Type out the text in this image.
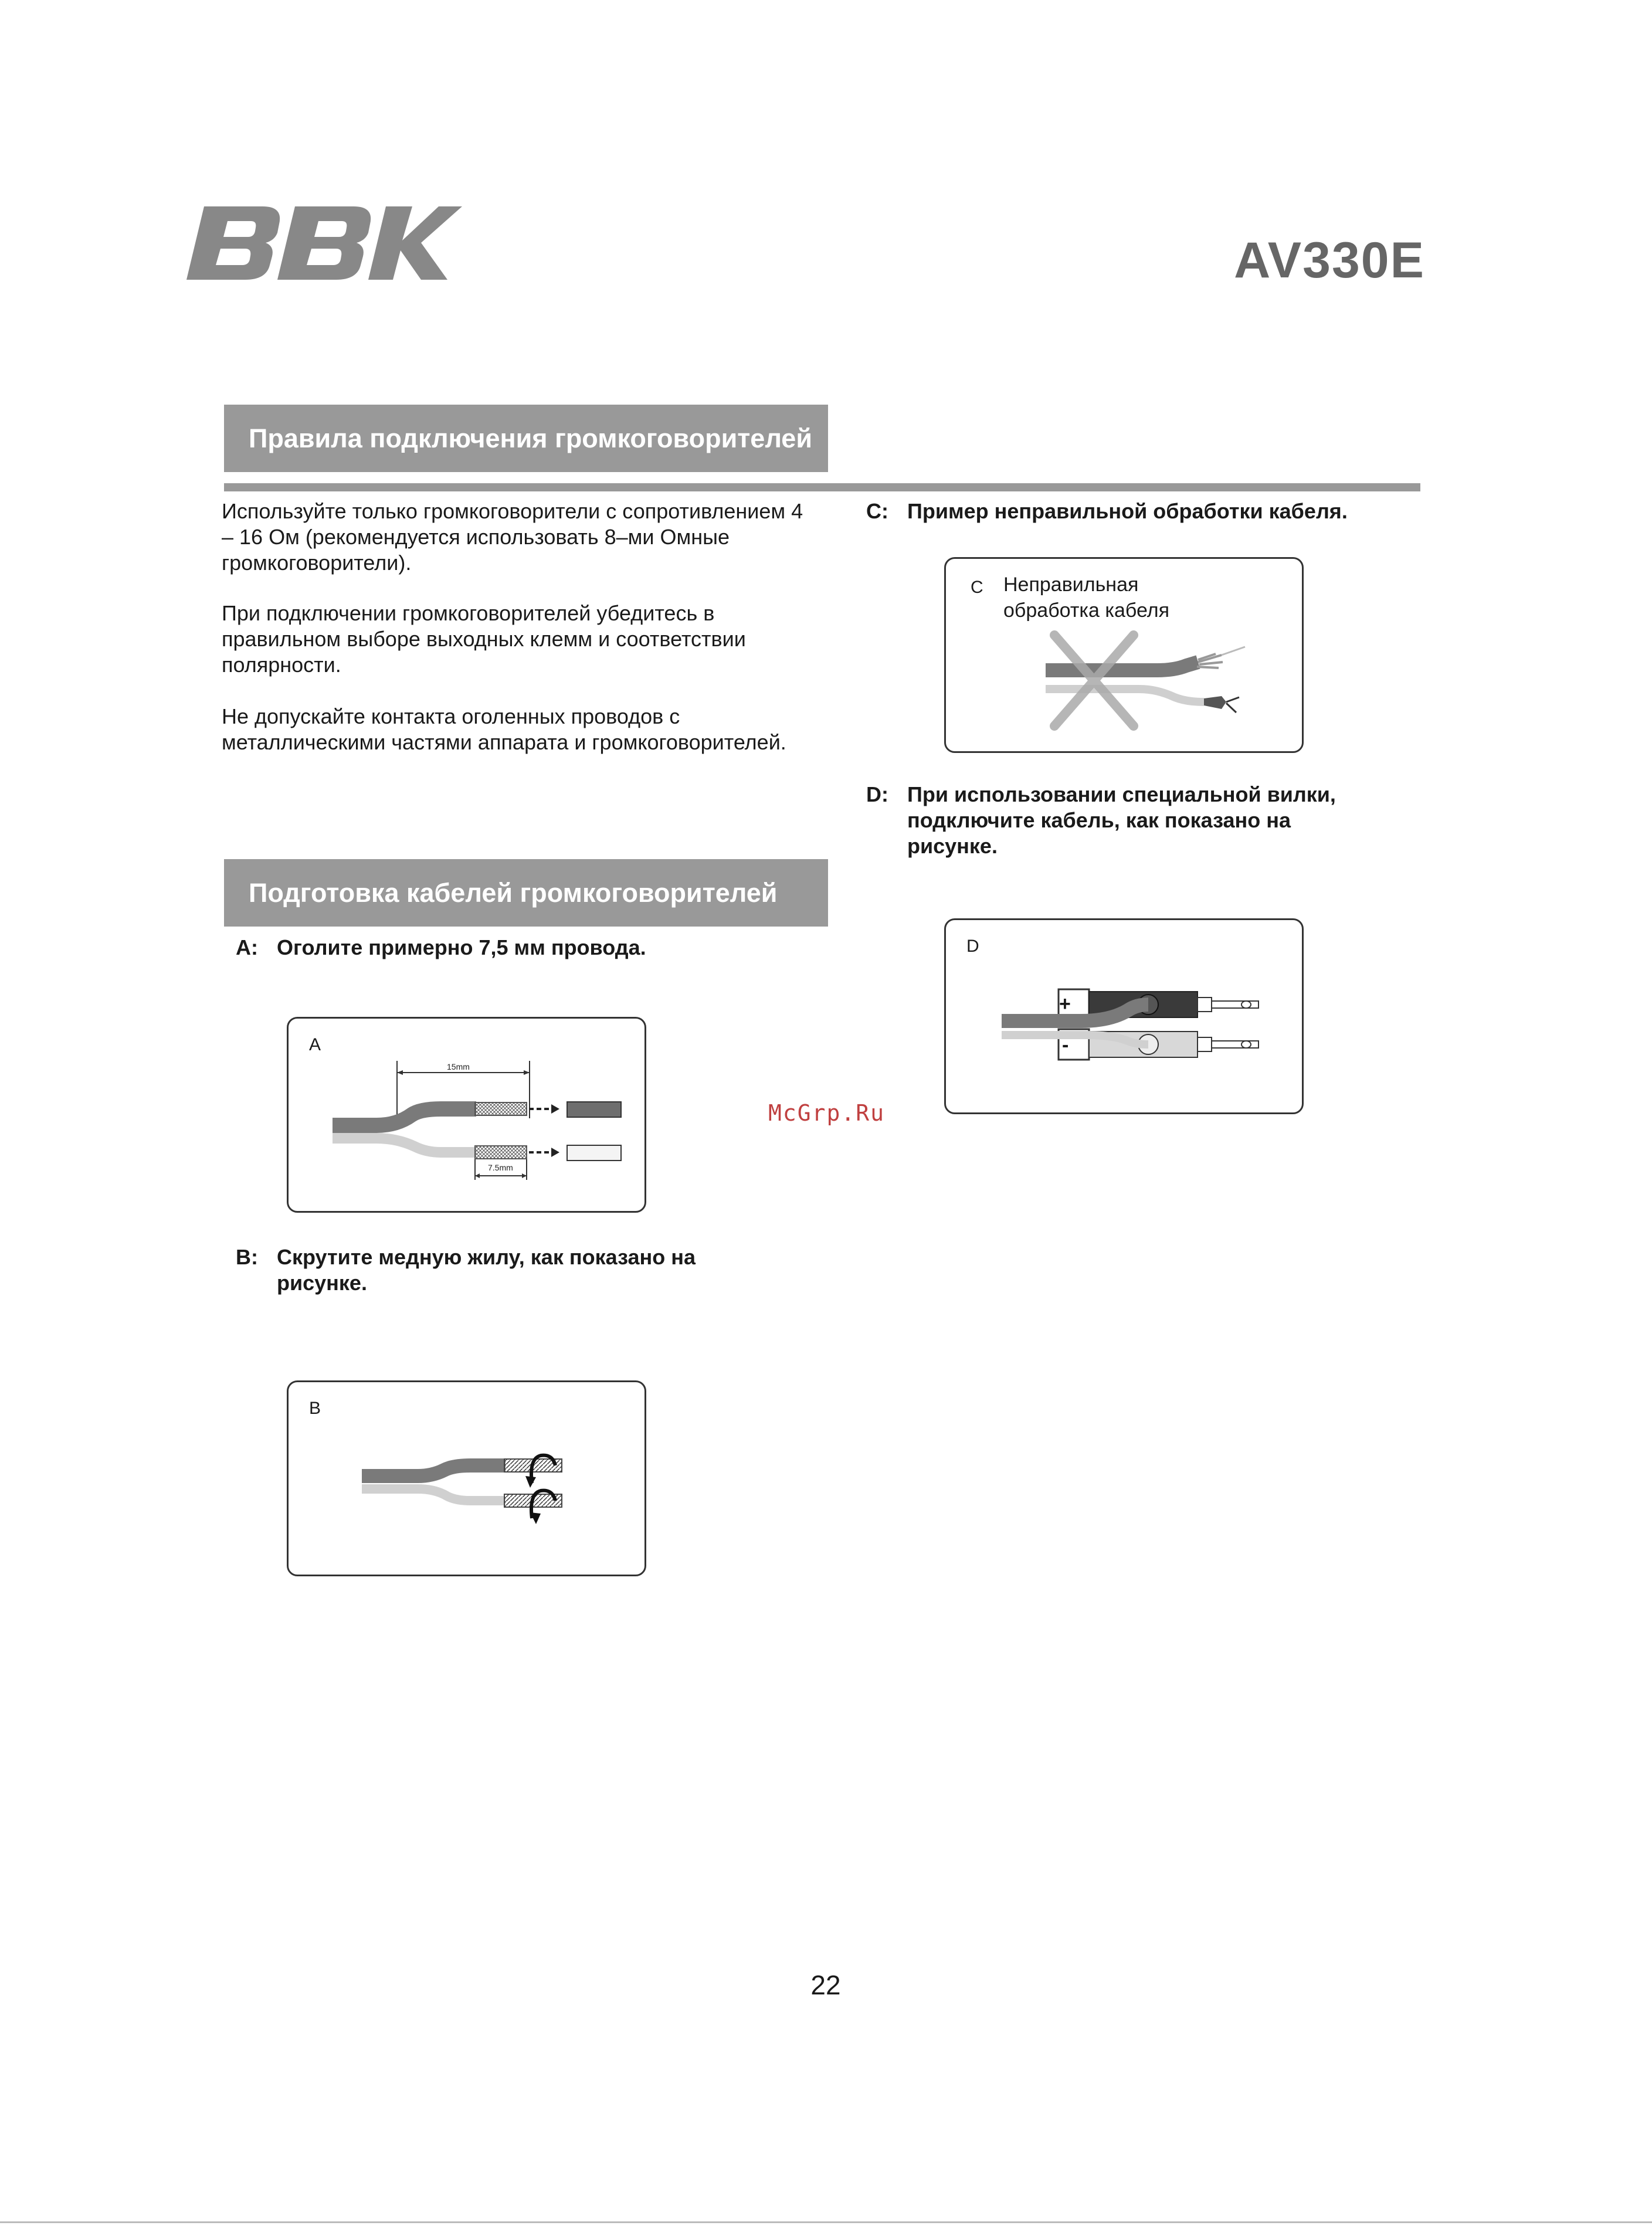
AV330E
Правила подключения громкоговорителей
Используйте только громкоговорители с сопротивлением 4 – 16 Ом (рекомендуется использовать 8–ми Омные громкоговорители).
При подключении громкоговорителей убедитесь в правильном выборе выходных клемм и соответствии полярности.
Не допускайте контакта оголенных проводов с металлическими частями аппарата и громкоговорителей.
Подготовка кабелей громкоговорителей
A: Оголите примерно 7,5 мм провода.
A
15mm
7.5mm
B: Скрутите медную жилу, как показано на рисунке.
B
C: Пример неправильной обработки кабеля.
C Неправильная обработка кабеля
D: При использовании специальной вилки, подключите кабель, как показано на рисунке.
D
+
-
McGrp.Ru
22
